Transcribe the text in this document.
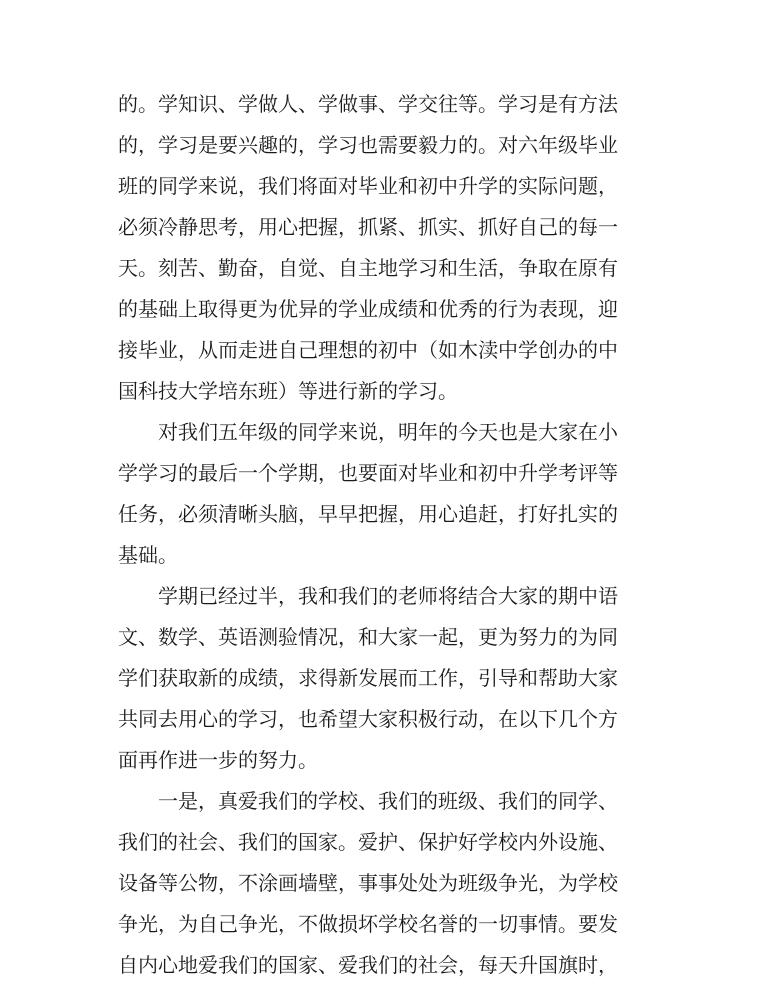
的。学知识、学做人、学做事、学交往等。学习是有方法
的，学习是要兴趣的，学习也需要毅力的。对六年级毕业
班的同学来说，我们将面对毕业和初中升学的实际问题，
必须冷静思考，用心把握，抓紧、抓实、抓好自己的每一
天。刻苦、勤奋，自觉、自主地学习和生活，争取在原有
的基础上取得更为优异的学业成绩和优秀的行为表现，迎
接毕业，从而走进自己理想的初中（如木渎中学创办的中
国科技大学培东班）等进行新的学习。
对我们五年级的同学来说，明年的今天也是大家在小
学学习的最后一个学期，也要面对毕业和初中升学考评等
任务，必须清晰头脑，早早把握，用心追赶，打好扎实的
基础。
学期已经过半，我和我们的老师将结合大家的期中语
文、数学、英语测验情况，和大家一起，更为努力的为同
学们获取新的成绩，求得新发展而工作，引导和帮助大家
共同去用心的学习，也希望大家积极行动，在以下几个方
面再作进一步的努力。
一是，真爱我们的学校、我们的班级、我们的同学、
我们的社会、我们的国家。爱护、保护好学校内外设施、
设备等公物，不涂画墙壁，事事处处为班级争光，为学校
争光，为自己争光，不做损坏学校名誉的一切事情。要发
自内心地爱我们的国家、爱我们的社会，每天升国旗时，
